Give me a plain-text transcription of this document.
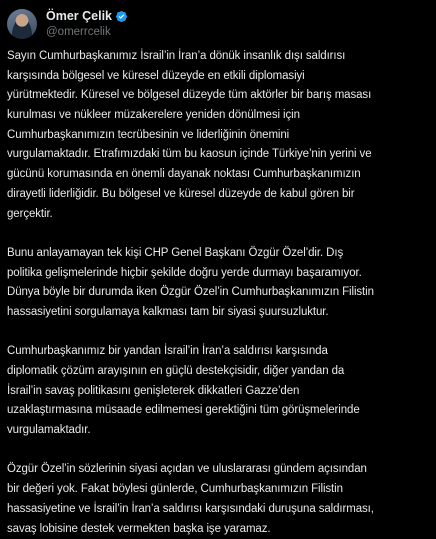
Ömer Çelik
@omerrcelik
Sayın Cumhurbaşkanımız İsrail’in İran’a dönük insanlık dışı saldırısı
karşısında bölgesel ve küresel düzeyde en etkili diplomasiyi
yürütmektedir. Küresel ve bölgesel düzeyde tüm aktörler bir barış masası
kurulması ve nükleer müzakerelere yeniden dönülmesi için
Cumhurbaşkanımızın tecrübesinin ve liderliğinin önemini
vurgulamaktadır. Etrafımızdaki tüm bu kaosun içinde Türkiye’nin yerini ve
gücünü korumasında en önemli dayanak noktası Cumhurbaşkanımızın
dirayetli liderliğidir. Bu bölgesel ve küresel düzeyde de kabul gören bir
gerçektir.
Bunu anlayamayan tek kişi CHP Genel Başkanı Özgür Özel’dir. Dış
politika gelişmelerinde hiçbir şekilde doğru yerde durmayı başaramıyor.
Dünya böyle bir durumda iken Özgür Özel’in Cumhurbaşkanımızın Filistin
hassasiyetini sorgulamaya kalkması tam bir siyasi şuursuzluktur.
Cumhurbaşkanımız bir yandan İsrail’in İran’a saldırısı karşısında
diplomatik çözüm arayışının en güçlü destekçisidir, diğer yandan da
İsrail’in savaş politikasını genişleterek dikkatleri Gazze’den
uzaklaştırmasına müsaade edilmemesi gerektiğini tüm görüşmelerinde
vurgulamaktadır.
Özgür Özel’in sözlerinin siyasi açıdan ve uluslararası gündem açısından
bir değeri yok. Fakat böylesi günlerde, Cumhurbaşkanımızın Filistin
hassasiyetine ve İsrail’in İran’a saldırısı karşısındaki duruşuna saldırması,
savaş lobisine destek vermekten başka işe yaramaz.
